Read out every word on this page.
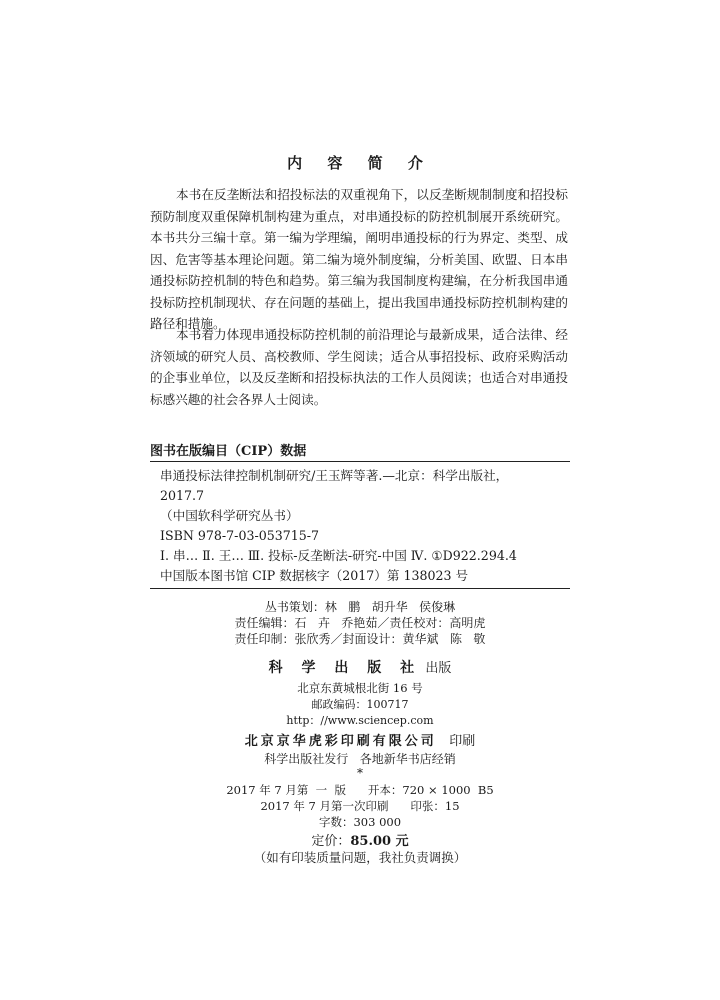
内 容 简 介
本书在反垄断法和招投标法的双重视角下，以反垄断规制制度和招投标预防制度双重保障机制构建为重点，对串通投标的防控机制展开系统研究。本书共分三编十章。第一编为学理编，阐明串通投标的行为界定、类型、成因、危害等基本理论问题。第二编为境外制度编，分析美国、欧盟、日本串通投标防控机制的特色和趋势。第三编为我国制度构建编，在分析我国串通投标防控机制现状、存在问题的基础上，提出我国串通投标防控机制构建的路径和措施。
本书着力体现串通投标防控机制的前沿理论与最新成果，适合法律、经济领域的研究人员、高校教师、学生阅读；适合从事招投标、政府采购活动的企事业单位，以及反垄断和招投标执法的工作人员阅读；也适合对串通投标感兴趣的社会各界人士阅读。
图书在版编目（CIP）数据
串通投标法律控制机制研究/王玉辉等著.—北京：科学出版社，
2017.7
（中国软科学研究丛书）
ISBN 978-7-03-053715-7
Ⅰ. 串… Ⅱ. 王… Ⅲ. 投标-反垄断法-研究-中国 Ⅳ. ①D922.294.4
中国版本图书馆 CIP 数据核字（2017）第 138023 号
丛书策划：林   鹏   胡升华   侯俊琳
责任编辑：石   卉   乔艳茹／责任校对：高明虎
责任印制：张欣秀／封面设计：黄华斌   陈   敬
科 学 出 版 社 出版
北京东黄城根北街 16 号
邮政编码：100717
http：//www.sciencep.com
北京京华虎彩印刷有限公司 印刷
科学出版社发行   各地新华书店经销
*
2017 年 7 月第  一  版      开本：720 × 1000  B5
2017 年 7 月第一次印刷      印张：15
字数：303 000
定价：85.00 元
（如有印装质量问题，我社负责调换）
